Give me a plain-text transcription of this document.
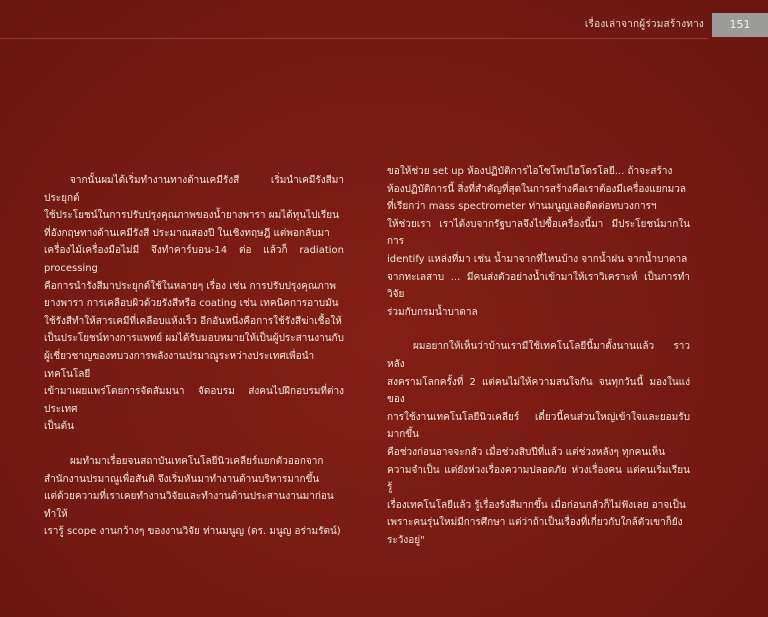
เรื่องเล่าจากผู้ร่วมสร้างทาง	151

จากนั้นผมได้เริ่มทำงานทางด้านเคมีรังสี เริ่มนำเคมีรังสีมาประยุกต์
ใช้ประโยชน์ในการปรับปรุงคุณภาพของน้ำยางพารา ผมได้ทุนไปเรียน
ที่อังกฤษทางด้านเคมีรังสี ประมาณสองปี ในเชิงทฤษฎี แต่พอกลับมา
เครื่องไม้เครื่องมือไม่มี จึงทำคาร์บอน-14 ต่อ แล้วก็ radiation processing
คือการนำรังสีมาประยุกต์ใช้ในหลายๆ เรื่อง เช่น การปรับปรุงคุณภาพ
ยางพารา การเคลือบผิวด้วยรังสีหรือ coating เช่น เทคนิคการอาบมัน
ใช้รังสีทำให้สารเคมีที่เคลือบแห้งเร็ว อีกอันหนึ่งคือการใช้รังสีฆ่าเชื้อให้
เป็นประโยชน์ทางการแพทย์ ผมได้รับมอบหมายให้เป็นผู้ประสานงานกับ
ผู้เชี่ยวชาญของทบวงการพลังงานปรมาณูระหว่างประเทศเพื่อนำเทคโนโลยี
เข้ามาเผยแพร่โดยการจัดสัมมนา จัดอบรม ส่งคนไปฝึกอบรมที่ต่างประเทศ
เป็นต้น

ผมทำมาเรื่อยจนสถาบันเทคโนโลยีนิวเคลียร์แยกตัวออกจาก
สำนักงานปรมาณูเพื่อสันติ จึงเริ่มหันมาทำงานด้านบริหารมากขึ้น
แต่ด้วยความที่เราเคยทำงานวิจัยและทำงานด้านประสานงานมาก่อน ทำให้
เรารู้ scope งานกว้างๆ ของงานวิจัย ท่านมนูญ (ดร. มนูญ อร่ามรัตน์)

ขอให้ช่วย set up ห้องปฏิบัติการไอโซโทปไฮโดรโลยี... ถ้าจะสร้าง
ห้องปฏิบัติการนี้ สิ่งที่สำคัญที่สุดในการสร้างคือเราต้องมีเครื่องแยกมวล
ที่เรียกว่า mass spectrometer ท่านมนูญเลยติดต่อทบวงการฯ
ให้ช่วยเรา เราได้งบจากรัฐบาลจึงไปซื้อเครื่องนี้มา มีประโยชน์มากในการ
identify แหล่งที่มา เช่น น้ำมาจากที่ไหนบ้าง จากน้ำฝน จากน้ำบาดาล
จากทะเลสาบ ... มีคนส่งตัวอย่างน้ำเข้ามาให้เราวิเคราะห์ เป็นการทำวิจัย
ร่วมกับกรมน้ำบาดาล

ผมอยากให้เห็นว่าบ้านเรามีใช้เทคโนโลยีนี้มาตั้งนานแล้ว ราวหลัง
สงครามโลกครั้งที่ 2 แต่คนไม่ให้ความสนใจกัน จนทุกวันนี้ มองในแง่ของ
การใช้งานเทคโนโลยีนิวเคลียร์ เดี๋ยวนี้คนส่วนใหญ่เข้าใจและยอมรับมากขึ้น
คือช่วงก่อนอาจจะกลัว เมื่อช่วงสิบปีที่แล้ว แต่ช่วงหลังๆ ทุกคนเห็น
ความจำเป็น แต่ยังห่วงเรื่องความปลอดภัย ห่วงเรื่องคน แต่คนเริ่มเรียนรู้
เรื่องเทคโนโลยีแล้ว รู้เรื่องรังสีมากขึ้น เมื่อก่อนกลัวก็ไม่ฟังเลย อาจเป็น
เพราะคนรุ่นใหม่มีการศึกษา แต่ว่าถ้าเป็นเรื่องที่เกี่ยวกับใกล้ตัวเขาก็ยัง
ระวังอยู่"
